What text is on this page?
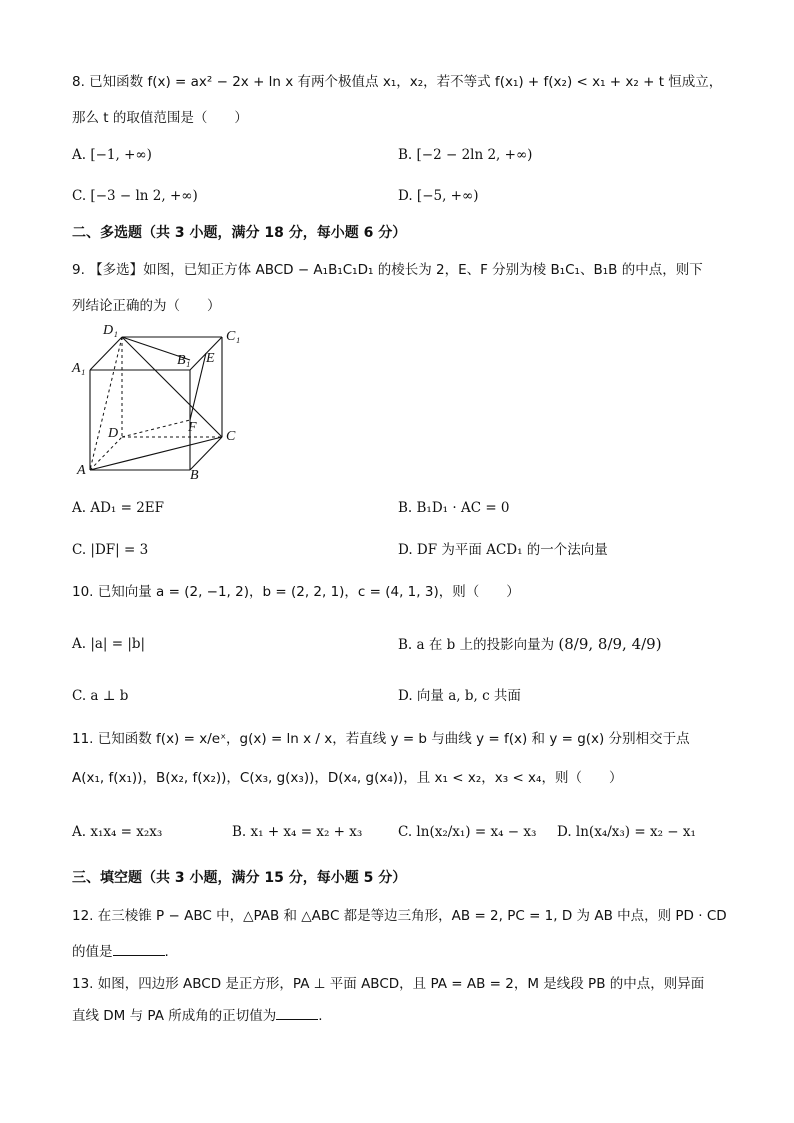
8. 已知函数 f(x) = ax² − 2x + ln x 有两个极值点 x₁，x₂，若不等式 f(x₁) + f(x₂) < x₁ + x₂ + t 恒成立，
那么 t 的取值范围是（　　）
A. [−1, +∞)	B. [−2 − 2ln 2, +∞)
C. [−3 − ln 2, +∞)	D. [−5, +∞)
二、多选题（共 3 小题，满分 18 分，每小题 6 分）
9. 【多选】如图，已知正方体 ABCD − A₁B₁C₁D₁ 的棱长为 2，E、F 分别为棱 B₁C₁、B₁B 的中点，则下
列结论正确的为（　　）
D₁	C₁
A₁
B₁ E
F
D	C
A	B
A. AD₁ = 2EF	B. B₁D₁ · AC = 0
C. |DF| = 3	D. DF 为平面 ACD₁ 的一个法向量
10. 已知向量 a = (2, −1, 2)，b = (2, 2, 1)，c = (4, 1, 3)，则（　　）
A. |a| = |b|	B. a 在 b 上的投影向量为 (8/9, 8/9, 4/9)
C. a ⊥ b	D. 向量 a, b, c 共面
11. 已知函数 f(x) = x/eˣ，g(x) = ln x / x，若直线 y = b 与曲线 y = f(x) 和 y = g(x) 分别相交于点
A(x₁, f(x₁))，B(x₂, f(x₂))，C(x₃, g(x₃))，D(x₄, g(x₄))，且 x₁ < x₂，x₃ < x₄，则（　　）
A. x₁x₄ = x₂x₃	B. x₁ + x₄ = x₂ + x₃	C. ln(x₂/x₁) = x₄ − x₃ D. ln(x₄/x₃) = x₂ − x₁
三、填空题（共 3 小题，满分 15 分，每小题 5 分）
12. 在三棱锥 P − ABC 中，△PAB 和 △ABC 都是等边三角形，AB = 2, PC = 1, D 为 AB 中点，则 PD · CD
的值是	.
13. 如图，四边形 ABCD 是正方形，PA ⊥ 平面 ABCD，且 PA = AB = 2，M 是线段 PB 的中点，则异面
直线 DM 与 PA 所成角的正切值为	.
